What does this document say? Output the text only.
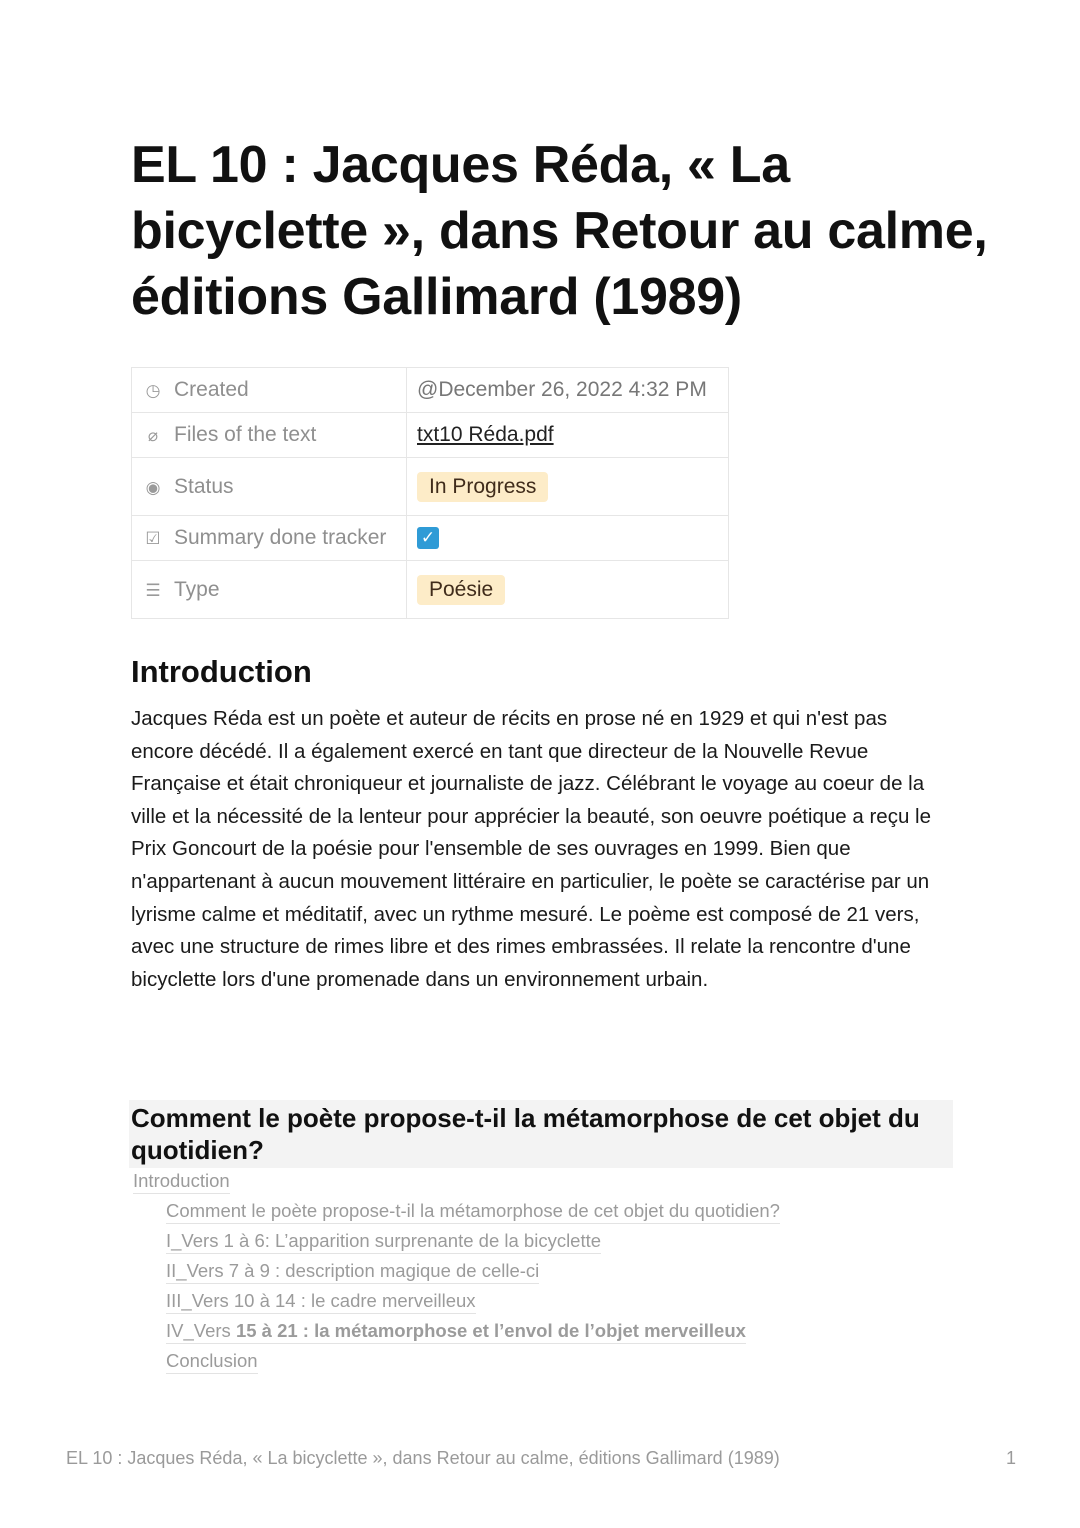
EL 10 : Jacques Réda, « La bicyclette », dans Retour au calme, éditions Gallimard (1989)
◷ Created	@December 26, 2022 4:32 PM
⌀ Files of the text	txt10 Réda.pdf
◉ Status	In Progress
☑ Summary done tracker	✓
☰ Type	Poésie
Introduction

Jacques Réda est un poète et auteur de récits en prose né en 1929 et qui n'est pas encore décédé. Il a également exercé en tant que directeur de la Nouvelle Revue Française et était chroniqueur et journaliste de jazz. Célébrant le voyage au coeur de la ville et la nécessité de la lenteur pour apprécier la beauté, son oeuvre poétique a reçu le Prix Goncourt de la poésie pour l'ensemble de ses ouvrages en 1999. Bien que n'appartenant à aucun mouvement littéraire en particulier, le poète se caractérise par un lyrisme calme et méditatif, avec un rythme mesuré. Le poème est composé de 21 vers, avec une structure de rimes libre et des rimes embrassées. Il relate la rencontre d'une bicyclette lors d'une promenade dans un environnement urbain.

Comment le poète propose-t-il la métamorphose de cet objet du quotidien?
Introduction
Comment le poète propose-t-il la métamorphose de cet objet du quotidien?
I_Vers 1 à 6: L’apparition surprenante de la bicyclette
II_Vers 7 à 9 : description magique de celle-ci
III_Vers 10 à 14 : le cadre merveilleux
IV_Vers 15 à 21 : la métamorphose et l’envol de l’objet merveilleux
Conclusion
EL 10 : Jacques Réda, « La bicyclette », dans Retour au calme, éditions Gallimard (1989)	1
